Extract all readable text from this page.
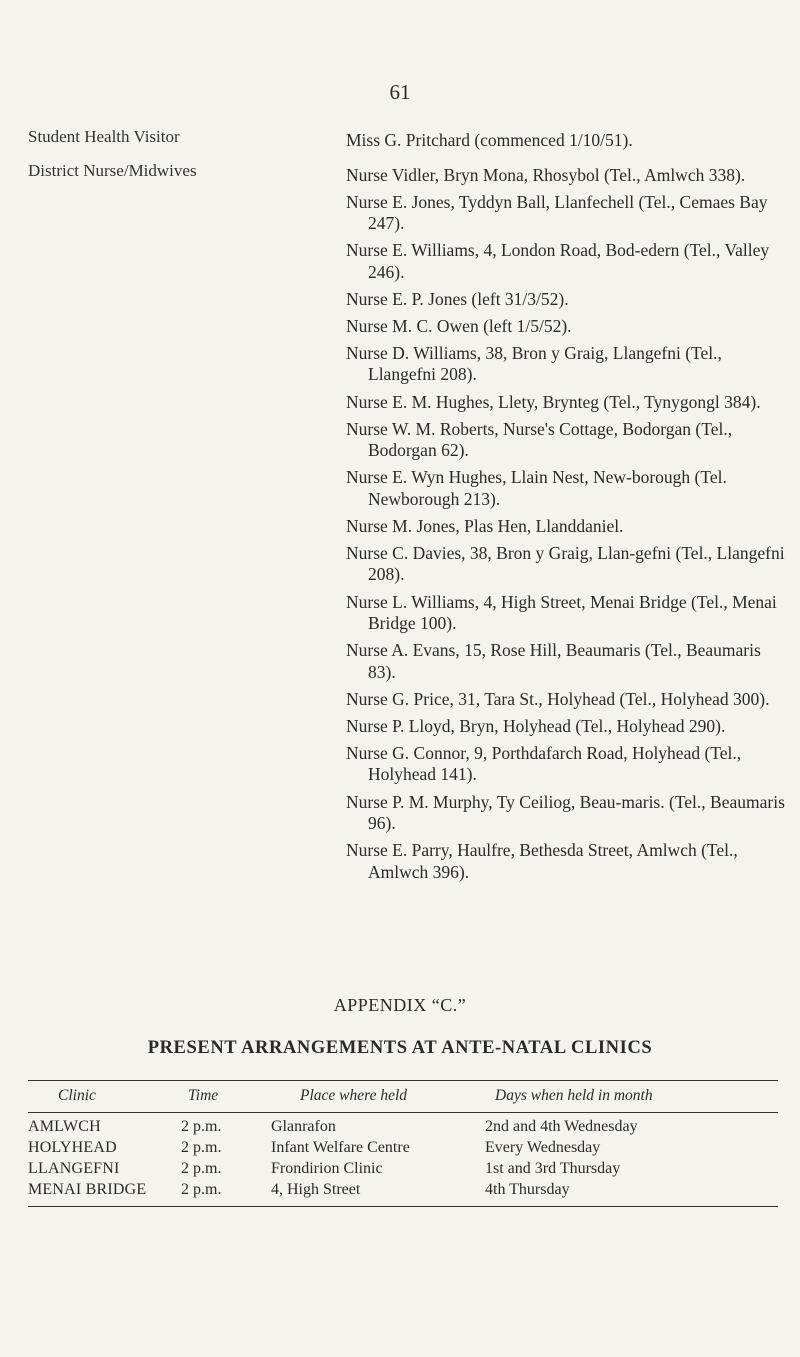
61
Student Health Visitor
District Nurse/Midwives

Miss G. Pritchard (commenced 1/10/51).

Nurse Vidler, Bryn Mona, Rhosybol (Tel., Amlwch 338).

Nurse E. Jones, Tyddyn Ball, Llanfechell (Tel., Cemaes Bay 247).

Nurse E. Williams, 4, London Road, Bod-edern (Tel., Valley 246).

Nurse E. P. Jones (left 31/3/52).

Nurse M. C. Owen (left 1/5/52).

Nurse D. Williams, 38, Bron y Graig, Llangefni (Tel., Llangefni 208).

Nurse E. M. Hughes, Llety, Brynteg (Tel., Tynygongl 384).

Nurse W. M. Roberts, Nurse's Cottage, Bodorgan (Tel., Bodorgan 62).

Nurse E. Wyn Hughes, Llain Nest, New-borough (Tel. Newborough 213).

Nurse M. Jones, Plas Hen, Llanddaniel.

Nurse C. Davies, 38, Bron y Graig, Llan-gefni (Tel., Llangefni 208).

Nurse L. Williams, 4, High Street, Menai Bridge (Tel., Menai Bridge 100).

Nurse A. Evans, 15, Rose Hill, Beaumaris (Tel., Beaumaris 83).

Nurse G. Price, 31, Tara St., Holyhead (Tel., Holyhead 300).

Nurse P. Lloyd, Bryn, Holyhead (Tel., Holyhead 290).

Nurse G. Connor, 9, Porthdafarch Road, Holyhead (Tel., Holyhead 141).

Nurse P. M. Murphy, Ty Ceiliog, Beau-maris. (Tel., Beaumaris 96).

Nurse E. Parry, Haulfre, Bethesda Street, Amlwch (Tel., Amlwch 396).

APPENDIX “C.”
PRESENT ARRANGEMENTS AT ANTE-NATAL CLINICS
Clinic	Time	Place where held	Days when held in month
AMLWCH	2 p.m.	Glanrafon	2nd and 4th Wednesday
HOLYHEAD	2 p.m.	Infant Welfare Centre	Every Wednesday
LLANGEFNI	2 p.m.	Frondirion Clinic	1st and 3rd Thursday
MENAI BRIDGE 2 p.m.	4, High Street	4th Thursday
